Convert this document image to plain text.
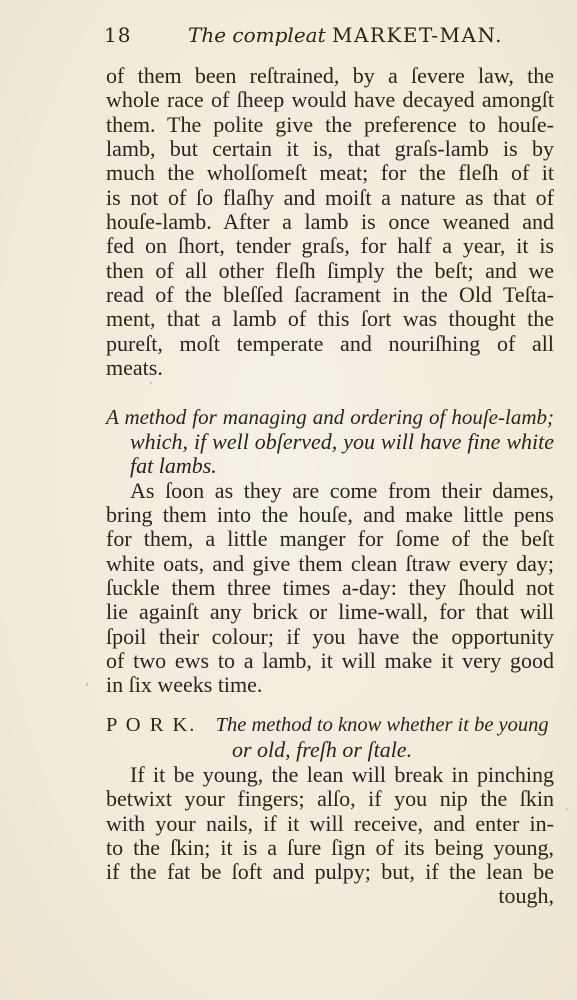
18	The compleat MARKET-MAN.
of them been reſtrained, by a ſevere law, the
whole race of ſheep would have decayed amongſt
them. The polite give the preference to houſe-
lamb, but certain it is, that graſs-lamb is by
much the wholſomeſt meat; for the fleſh of it
is not of ſo flaſhy and moiſt a nature as that of
houſe-lamb. After a lamb is once weaned and
fed on ſhort, tender graſs, for half a year, it is
then of all other fleſh ſimply the beſt; and we
read of the bleſſed ſacrament in the Old Teſta-
ment, that a lamb of this ſort was thought the
pureſt, moſt temperate and nouriſhing of all
meats.
A method for managing and ordering of houſe-lamb;
which, if well obſerved, you will have fine white
fat lambs.
As ſoon as they are come from their dames,
bring them into the houſe, and make little pens
for them, a little manger for ſome of the beſt
white oats, and give them clean ſtraw every day;
ſuckle them three times a-day: they ſhould not
lie againſt any brick or lime-wall, for that will
ſpoil their colour; if you have the opportunity
of two ews to a lamb, it will make it very good
in ſix weeks time.
P O R K. The method to know whether it be young
or old, freſh or ſtale.
If it be young, the lean will break in pinching
betwixt your fingers; alſo, if you nip the ſkin
with your nails, if it will receive, and enter in-
to the ſkin; it is a ſure ſign of its being young,
if the fat be ſoft and pulpy; but, if the lean be
tough,
